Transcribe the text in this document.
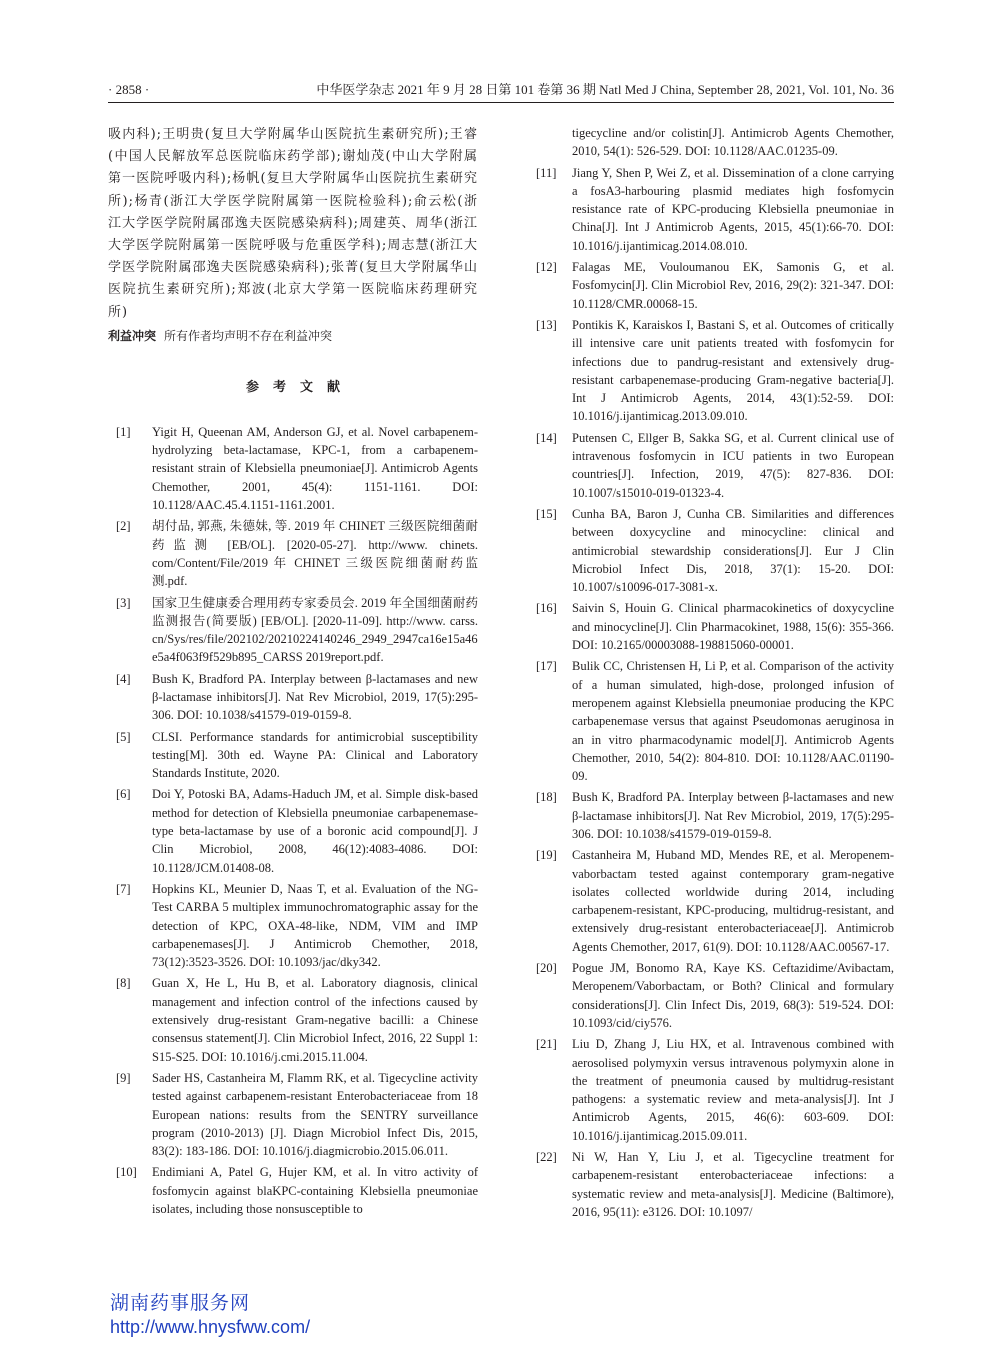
· 2858 ·	中华医学杂志 2021 年 9 月 28 日第 101 卷第 36 期 Natl Med J China, September 28, 2021, Vol. 101, No. 36

吸内科);王明贵(复旦大学附属华山医院抗生素研究所);王睿(中国人民解放军总医院临床药学部);谢灿茂(中山大学附属第一医院呼吸内科);杨帆(复旦大学附属华山医院抗生素研究所);杨青(浙江大学医学院附属第一医院检验科);俞云松(浙江大学医学院附属邵逸夫医院感染病科);周建英、周华(浙江大学医学院附属第一医院呼吸与危重医学科);周志慧(浙江大学医学院附属邵逸夫医院感染病科);张菁(复旦大学附属华山医院抗生素研究所);郑波(北京大学第一医院临床药理研究所)

利益冲突 所有作者均声明不存在利益冲突

参考文献
[1] Yigit H, Queenan AM, Anderson GJ, et al. Novel carbapenem-hydrolyzing beta-lactamase, KPC-1, from a carbapenem-resistant strain of Klebsiella pneumoniae[J]. Antimicrob Agents Chemother, 2001, 45(4): 1151-1161. DOI: 10.1128/AAC.45.4.1151-1161.2001.
[2] 胡付品, 郭燕, 朱德妹, 等. 2019 年 CHINET 三级医院细菌耐药监测 [EB/OL]. [2020-05-27]. http://www. chinets. com/Content/File/2019 年 CHINET 三级医院细菌耐药监测.pdf.
[3] 国家卫生健康委合理用药专家委员会. 2019 年全国细菌耐药监测报告(简要版) [EB/OL]. [2020-11-09]. http://www. carss. cn/Sys/res/file/202102/20210224140246_2949_2947ca16e15a46e5a4f063f9f529b895_CARSS 2019report.pdf.
[4] Bush K, Bradford PA. Interplay between β-lactamases and new β-lactamase inhibitors[J]. Nat Rev Microbiol, 2019, 17(5):295-306. DOI: 10.1038/s41579-019-0159-8.
[5] CLSI. Performance standards for antimicrobial susceptibility testing[M]. 30th ed. Wayne PA: Clinical and Laboratory Standards Institute, 2020.
[6] Doi Y, Potoski BA, Adams-Haduch JM, et al. Simple disk-based method for detection of Klebsiella pneumoniae carbapenemase-type beta-lactamase by use of a boronic acid compound[J]. J Clin Microbiol, 2008, 46(12):4083-4086. DOI: 10.1128/JCM.01408-08.
[7] Hopkins KL, Meunier D, Naas T, et al. Evaluation of the NG-Test CARBA 5 multiplex immunochromatographic assay for the detection of KPC, OXA-48-like, NDM, VIM and IMP carbapenemases[J]. J Antimicrob Chemother, 2018, 73(12):3523-3526. DOI: 10.1093/jac/dky342.
[8] Guan X, He L, Hu B, et al. Laboratory diagnosis, clinical management and infection control of the infections caused by extensively drug-resistant Gram-negative bacilli: a Chinese consensus statement[J]. Clin Microbiol Infect, 2016, 22 Suppl 1: S15-S25. DOI: 10.1016/j.cmi.2015.11.004.
[9] Sader HS, Castanheira M, Flamm RK, et al. Tigecycline activity tested against carbapenem-resistant Enterobacteriaceae from 18 European nations: results from the SENTRY surveillance program (2010-2013) [J]. Diagn Microbiol Infect Dis, 2015, 83(2): 183-186. DOI: 10.1016/j.diagmicrobio.2015.06.011.
[10] Endimiani A, Patel G, Hujer KM, et al. In vitro activity of fosfomycin against blaKPC-containing Klebsiella pneumoniae isolates, including those nonsusceptible to
tigecycline and/or colistin[J]. Antimicrob Agents Chemother, 2010, 54(1): 526-529. DOI: 10.1128/AAC.01235-09.
[11] Jiang Y, Shen P, Wei Z, et al. Dissemination of a clone carrying a fosA3-harbouring plasmid mediates high fosfomycin resistance rate of KPC-producing Klebsiella pneumoniae in China[J]. Int J Antimicrob Agents, 2015, 45(1):66-70. DOI: 10.1016/j.ijantimicag.2014.08.010.
[12] Falagas ME, Vouloumanou EK, Samonis G, et al. Fosfomycin[J]. Clin Microbiol Rev, 2016, 29(2): 321-347. DOI: 10.1128/CMR.00068-15.
[13] Pontikis K, Karaiskos I, Bastani S, et al. Outcomes of critically ill intensive care unit patients treated with fosfomycin for infections due to pandrug-resistant and extensively drug-resistant carbapenemase-producing Gram-negative bacteria[J]. Int J Antimicrob Agents, 2014, 43(1):52-59. DOI: 10.1016/j.ijantimicag.2013.09.010.
[14] Putensen C, Ellger B, Sakka SG, et al. Current clinical use of intravenous fosfomycin in ICU patients in two European countries[J]. Infection, 2019, 47(5): 827-836. DOI: 10.1007/s15010-019-01323-4.
[15] Cunha BA, Baron J, Cunha CB. Similarities and differences between doxycycline and minocycline: clinical and antimicrobial stewardship considerations[J]. Eur J Clin Microbiol Infect Dis, 2018, 37(1): 15-20. DOI: 10.1007/s10096-017-3081-x.
[16] Saivin S, Houin G. Clinical pharmacokinetics of doxycycline and minocycline[J]. Clin Pharmacokinet, 1988, 15(6): 355-366. DOI: 10.2165/00003088-198815060-00001.
[17] Bulik CC, Christensen H, Li P, et al. Comparison of the activity of a human simulated, high-dose, prolonged infusion of meropenem against Klebsiella pneumoniae producing the KPC carbapenemase versus that against Pseudomonas aeruginosa in an in vitro pharmacodynamic model[J]. Antimicrob Agents Chemother, 2010, 54(2): 804-810. DOI: 10.1128/AAC.01190-09.
[18] Bush K, Bradford PA. Interplay between β-lactamases and new β-lactamase inhibitors[J]. Nat Rev Microbiol, 2019, 17(5):295-306. DOI: 10.1038/s41579-019-0159-8.
[19] Castanheira M, Huband MD, Mendes RE, et al. Meropenem-vaborbactam tested against contemporary gram-negative isolates collected worldwide during 2014, including carbapenem-resistant, KPC-producing, multidrug-resistant, and extensively drug-resistant enterobacteriaceae[J]. Antimicrob Agents Chemother, 2017, 61(9). DOI: 10.1128/AAC.00567-17.
[20] Pogue JM, Bonomo RA, Kaye KS. Ceftazidime/Avibactam, Meropenem/Vaborbactam, or Both? Clinical and formulary considerations[J]. Clin Infect Dis, 2019, 68(3): 519-524. DOI: 10.1093/cid/ciy576.
[21] Liu D, Zhang J, Liu HX, et al. Intravenous combined with aerosolised polymyxin versus intravenous polymyxin alone in the treatment of pneumonia caused by multidrug-resistant pathogens: a systematic review and meta-analysis[J]. Int J Antimicrob Agents, 2015, 46(6): 603-609. DOI: 10.1016/j.ijantimicag.2015.09.011.
[22] Ni W, Han Y, Liu J, et al. Tigecycline treatment for carbapenem-resistant enterobacteriaceae infections: a systematic review and meta-analysis[J]. Medicine (Baltimore), 2016, 95(11): e3126. DOI: 10.1097/
湖南药事服务网
http://www.hnysfww.com/
